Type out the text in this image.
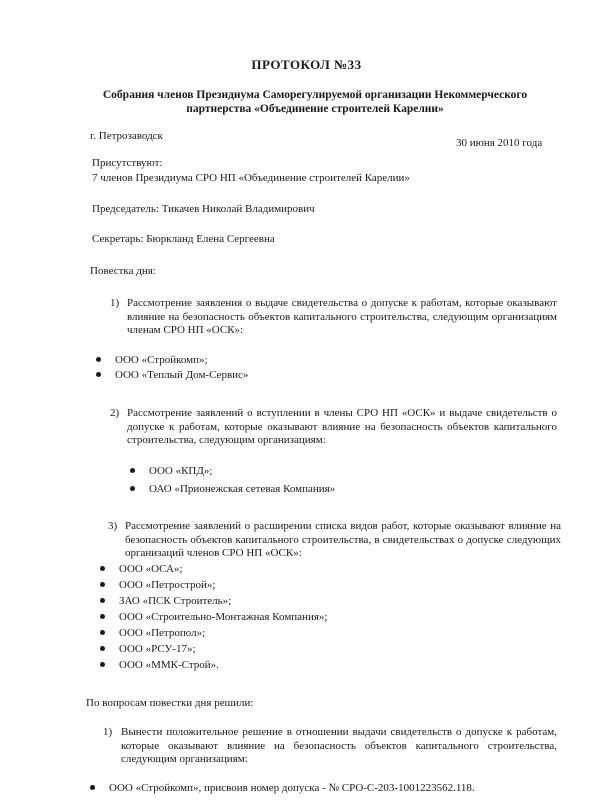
ПРОТОКОЛ №33
Собрания членов Президиума Саморегулируемой организации Некоммерческого партнерства «Объединение строителей Карелии»
г. Петрозаводск
30 июня 2010 года
Присутствуют:
7 членов Президиума СРО НП «Объединение строителей Карелии»
Председатель: Тикачев Николай Владимирович
Секретарь: Бюркланд Елена Сергеевна
Повестка дня:
1) Рассмотрение заявления о выдаче свидетельства о допуске к работам, которые оказывают влияние на безопасность объектов капитального строительства, следующим организациям членам СРО НП «ОСК»:
ООО «Стройкомп»;
ООО «Теплый Дом-Сервис»
2) Рассмотрение заявлений о вступлении в члены СРО НП «ОСК» и выдаче свидетельств о допуске к работам, которые оказывают влияние на безопасность объектов капитального строительства, следующим организациям:
ООО «КПД»;
ОАО «Прионежская сетевая Компания»
3) Рассмотрение заявлений о расширении списка видов работ, которые оказывают влияние на безопасность объектов капитального строительства, в свидетельствах о допуске следующих организаций членов СРО НП «ОСК»:
ООО «ОСА»;
ООО «Петрострой»;
ЗАО «ПСК Строитель»;
ООО «Строительно-Монтажная Компания»;
ООО «Петропол»;
ООО «РСУ-17»;
ООО «ММК-Строй».
По вопросам повестки дня решили:
1) Вынести положительное решение в отношении выдачи свидетельств о допуске к работам, которые оказывают влияние на безопасность объектов капитального строительства, следующим организациям:
ООО «Стройкомп», присвоив номер допуска - № СРО-С-203-1001223562.118.
